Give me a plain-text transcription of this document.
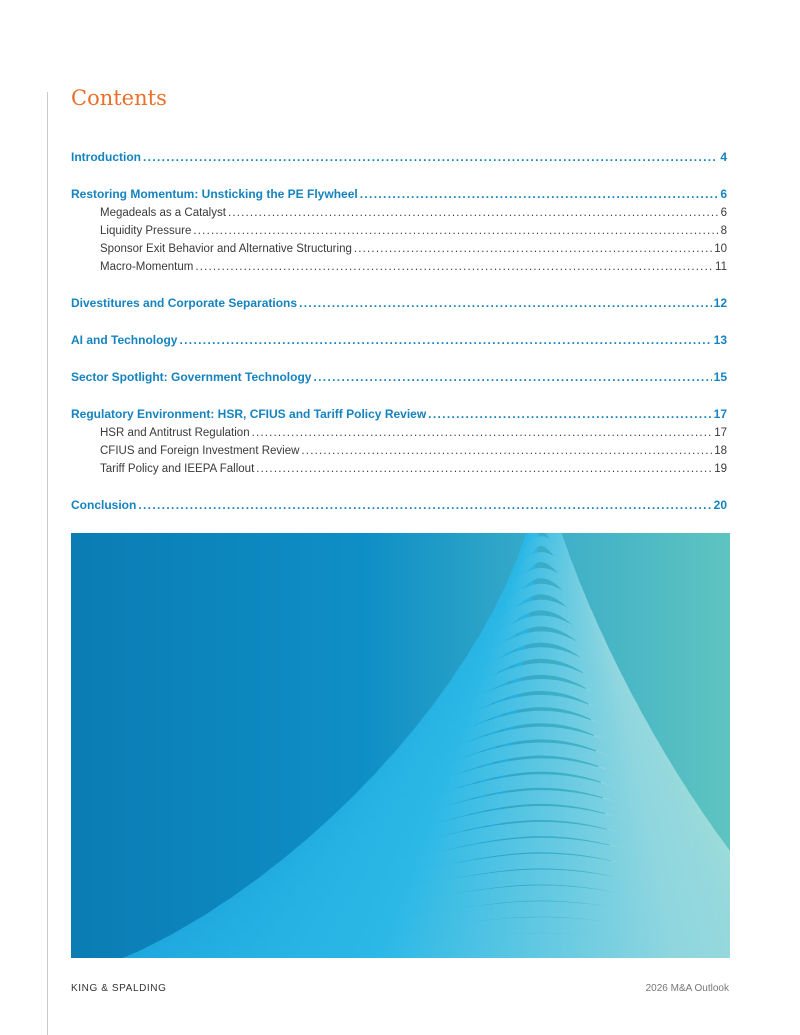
Contents
Introduction . . .	4
Restoring Momentum: Unsticking the PE Flywheel . . .	6
Megadeals as a Catalyst . . .	6
Liquidity Pressure . . .	8
Sponsor Exit Behavior and Alternative Structuring . . .	10
Macro-Momentum . . .	11
Divestitures and Corporate Separations . . .	12
AI and Technology . . .	13
Sector Spotlight: Government Technology . . .	15
Regulatory Environment: HSR, CFIUS and Tariff Policy Review . . .	17
HSR and Antitrust Regulation . . .	17
CFIUS and Foreign Investment Review . . .	18
Tariff Policy and IEEPA Fallout . . .	19
Conclusion . . .	20
KING & SPALDING	2026 M&A Outlook
